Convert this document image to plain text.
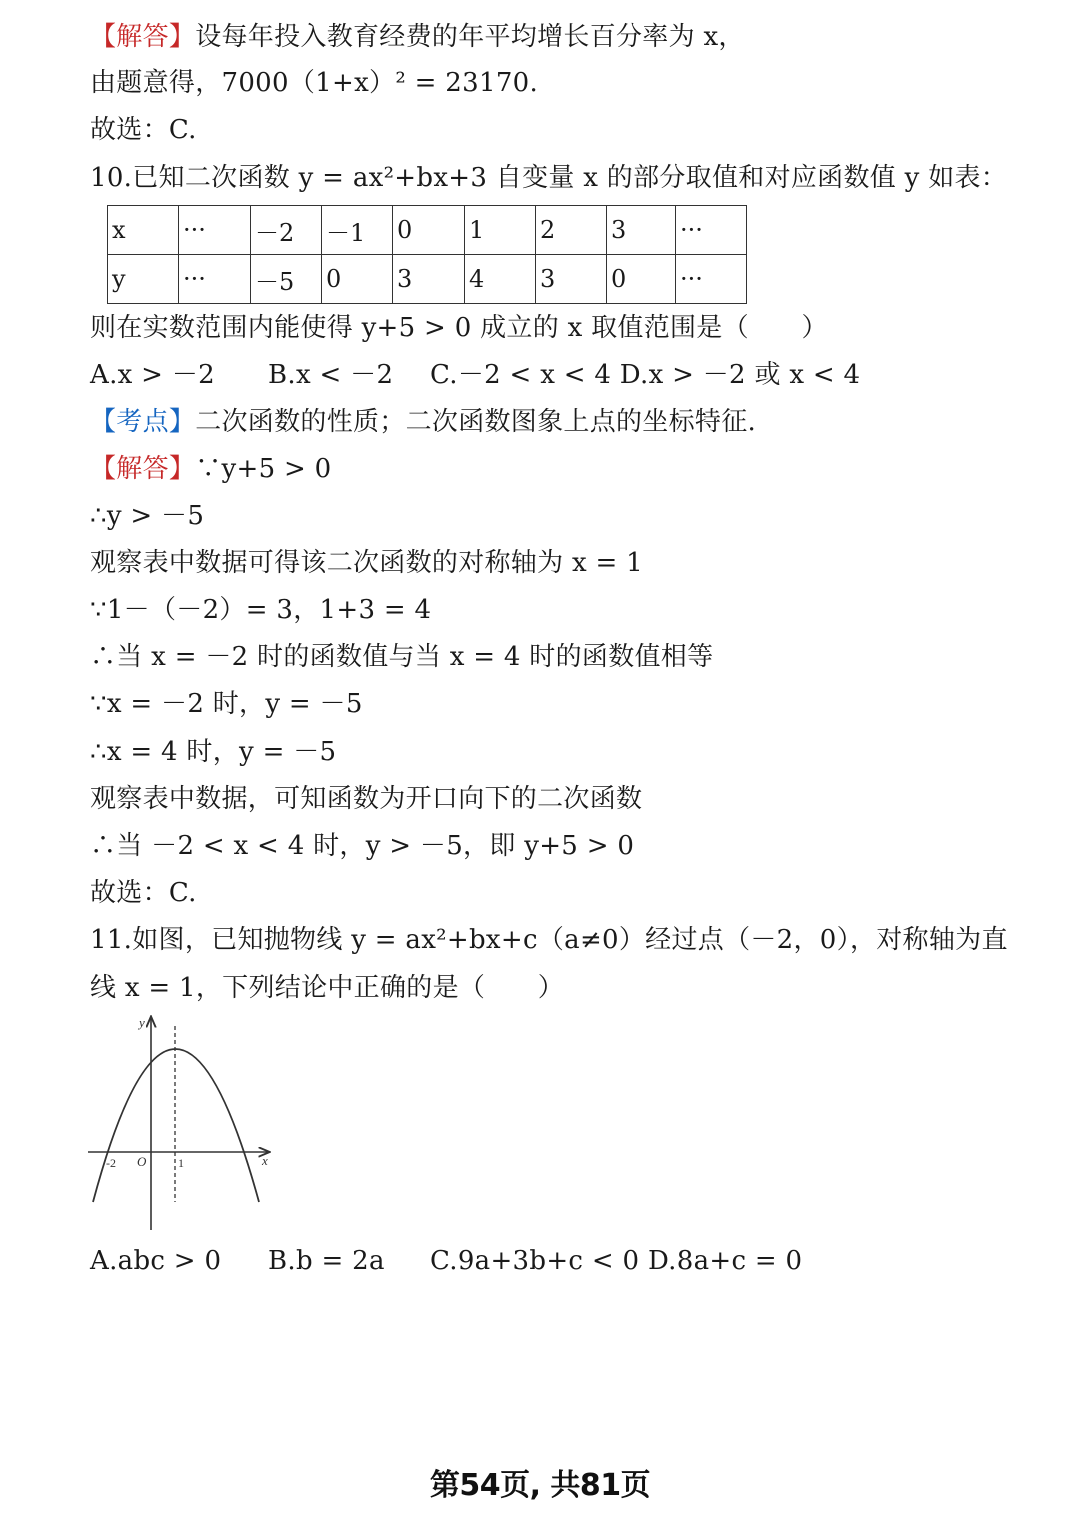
【解答】设每年投入教育经费的年平均增长百分率为 x，
由题意得，7000（1+x）² = 23170.
故选：C.
10.已知二次函数 y = ax²+bx+3 自变量 x 的部分取值和对应函数值 y 如表：
x	···	－2	－1	0	1	2	3	···
y	···	－5	0	3	4	3	0	···
则在实数范围内能使得 y+5 > 0 成立的 x 取值范围是（　　）
A.x > －2 B.x < －2 C.－2 < x < 4 D.x > －2 或 x < 4
【考点】二次函数的性质；二次函数图象上点的坐标特征.
【解答】∵y+5 > 0
∴y > －5
观察表中数据可得该二次函数的对称轴为 x = 1
∵1－（－2）= 3，1+3 = 4
∴当 x = －2 时的函数值与当 x = 4 时的函数值相等
∵x = －2 时，y = －5
∴x = 4 时，y = －5
观察表中数据，可知函数为开口向下的二次函数
∴当 －2 < x < 4 时，y > －5，即 y+5 > 0
故选：C.
11.如图，已知抛物线 y = ax²+bx+c（a≠0）经过点（－2，0），对称轴为直
线 x = 1，下列结论中正确的是（　　）
x
y
O
-2	1
A.abc > 0 B.b = 2a C.9a+3b+c < 0 D.8a+c = 0
第54页, 共81页
